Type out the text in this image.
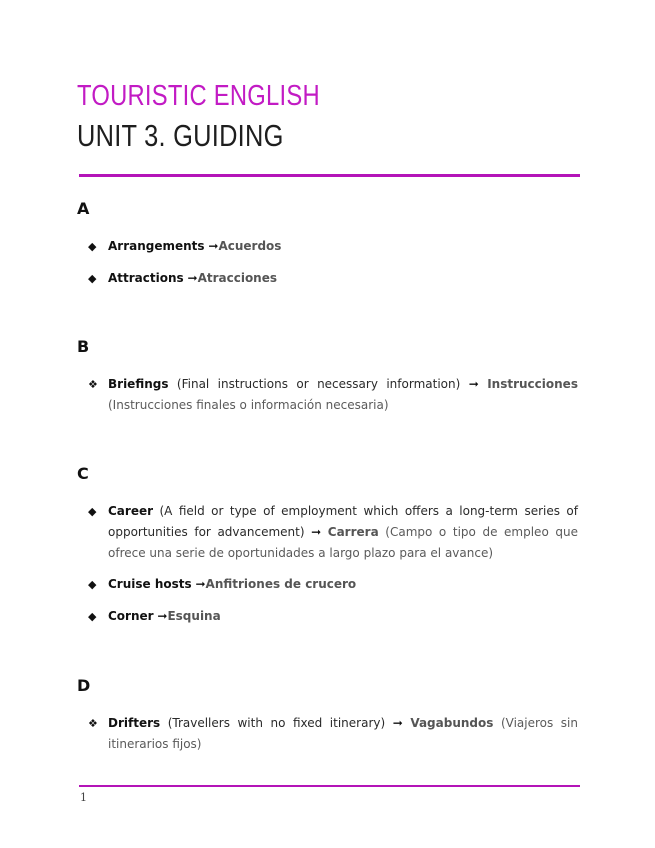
TOURISTIC ENGLISH
UNIT 3. GUIDING
A
◆ Arrangements ➞Acuerdos

◆ Attractions ➞Atracciones

B
❖ Briefings (Final instructions or necessary information) ➞ Instrucciones (Instrucciones finales o información necesaria)

C
◆ Career (A field or type of employment which offers a long-term series of opportunities for advancement) ➞ Carrera (Campo o tipo de empleo que ofrece una serie de oportunidades a largo plazo para el avance)

◆ Cruise hosts ➞Anfitriones de crucero

◆ Corner ➞Esquina

D
❖ Drifters (Travellers with no fixed itinerary) ➞ Vagabundos (Viajeros sin itinerarios fijos)

1
